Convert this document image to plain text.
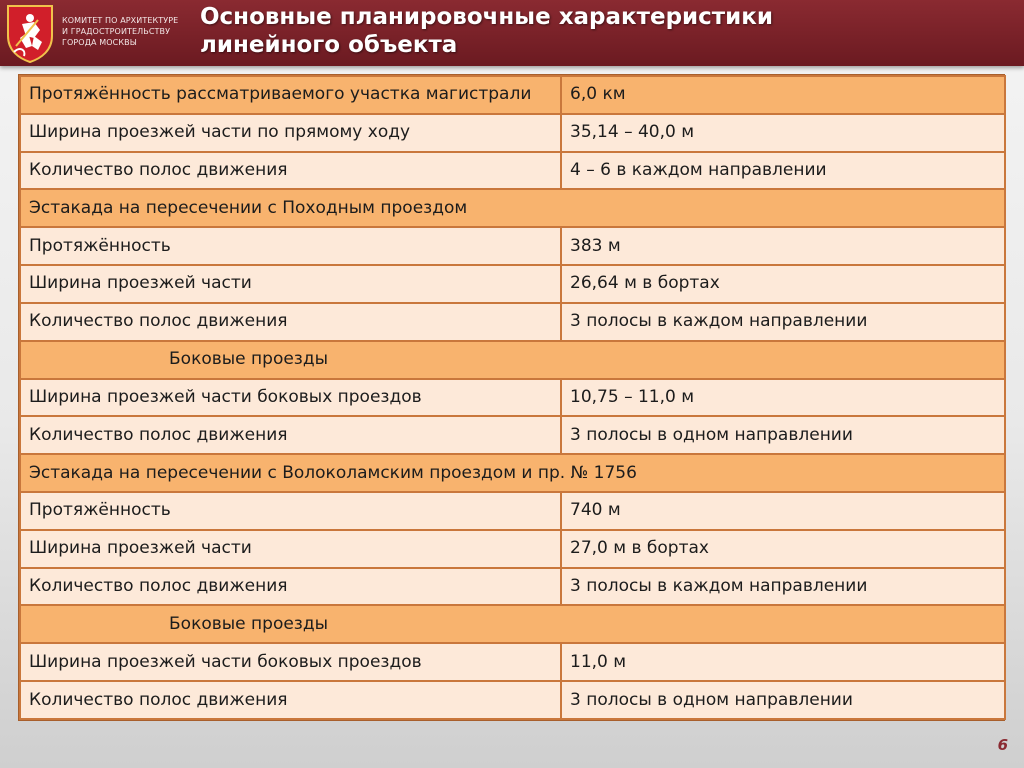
КОМИТЕТ ПО АРХИТЕКТУРЕ
И ГРАДОСТРОИТЕЛЬСТВУ
ГОРОДА МОСКВЫ
Основные планировочные характеристики
линейного объекта
Протяжённость рассматриваемого участка магистрали	6,0 км
Ширина проезжей части по прямому ходу	35,14 – 40,0 м
Количество полос движения	4 – 6 в каждом направлении
Эстакада на пересечении с Походным проездом	
Протяжённость	383 м
Ширина проезжей части	26,64 м в бортах
Количество полос движения	3 полосы в каждом направлении
Боковые проезды	
Ширина проезжей части боковых проездов	10,75 – 11,0 м
Количество полос движения	3 полосы в одном направлении
Эстакада на пересечении с Волоколамским проездом и пр. № 1756	
Протяжённость	740 м
Ширина проезжей части	27,0 м в бортах
Количество полос движения	3 полосы в каждом направлении
Боковые проезды	
Ширина проезжей части боковых проездов	11,0 м
Количество полос движения	3 полосы в одном направлении
6
